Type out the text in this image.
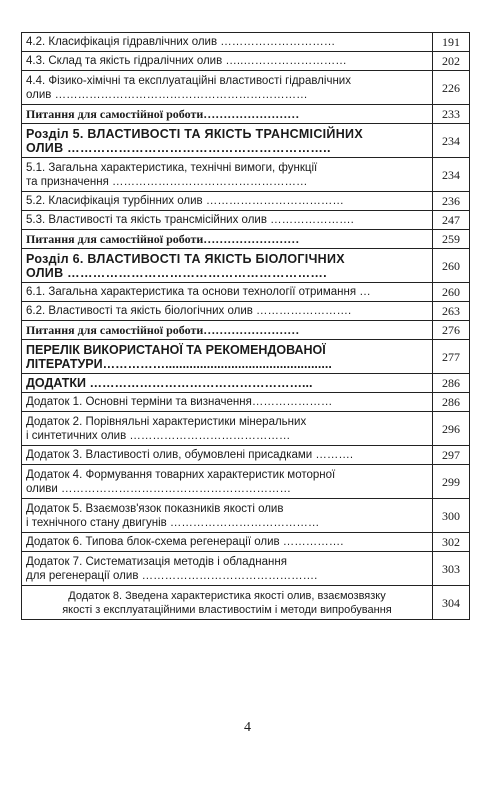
4.2. Класифікація гідравлічних олив …………………………	191
4.3. Склад та якість гідралічних олив …..………………………	202
4.4. Фізико-хімічні та експлуатаційні властивості гідравлічних
олив …………………………………………………………	226
Питання для самостійної роботи……………………	233
Розділ 5. ВЛАСТИВОСТІ ТА ЯКІСТЬ ТРАНСМІСІЙНИХ
ОЛИВ ……………………………………………………..	234
5.1. Загальна характеристика, технічні вимоги, функції
та призначення ……………………………………………	234
5.2. Класифікація турбінних олив ………………………………	236
5.3. Властивості та якість трансмісійних олив ………………….	247
Питання для самостійної роботи……………………	259
Розділ 6. ВЛАСТИВОСТІ ТА ЯКІСТЬ БІОЛОГІЧНИХ
ОЛИВ …………………………………………………….	260
6.1. Загальна характеристика та основи технології отримання …	260
6.2. Властивості та якість біологічних олив …………………….	263
Питання для самостійної роботи……………………	276
ПЕРЕЛІК ВИКОРИСТАНОЇ ТА РЕКОМЕНДОВАНОЇ
ЛІТЕРАТУРИ……………................................................	277
ДОДАТКИ ……………………………………………...	286
Додаток 1. Основні терміни та визначення…………………	286
Додаток 2. Порівняльні характеристики мінеральних
і синтетичних олив ……………………………………	296
Додаток 3. Властивості олив, обумовлені присадками ……….	297
Додаток 4. Формування товарних характеристик моторної
оливи ……………………………………………………	299
Додаток 5. Взаємозв'язок показників якості олив
і технічного стану двигунів …………………………………	300
Додаток 6. Типова блок-схема регенерації олив …………….	302
Додаток 7. Систематизація методів і обладнання
для регенерації олив ……………………………………….	303
Додаток 8. Зведена характеристика якості олив, взаємозвязку
якості з експлуатаційними властивостиім і методи випробування	304
4
